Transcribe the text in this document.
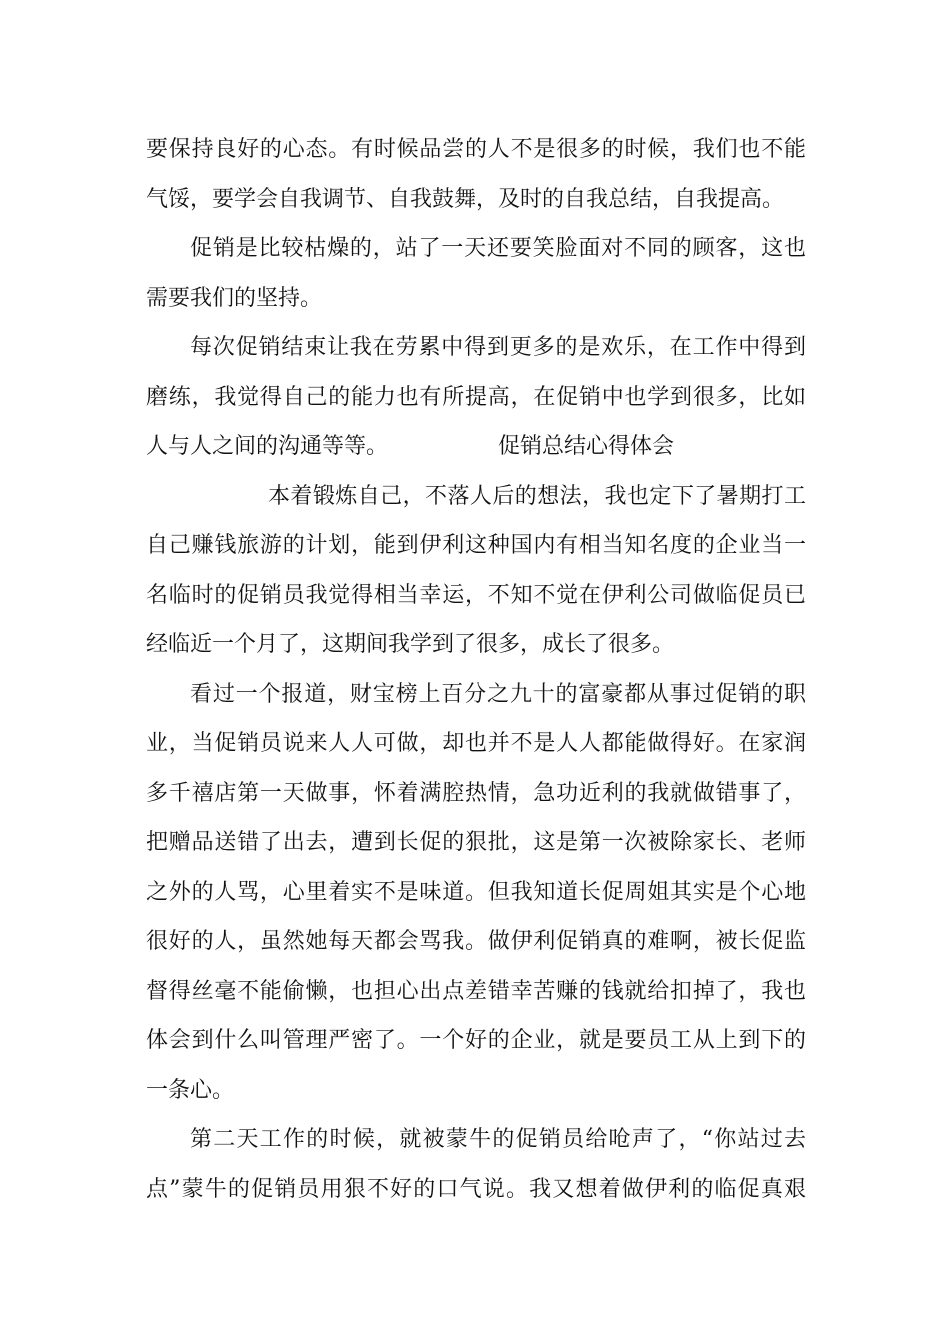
要保持良好的心态。有时候品尝的人不是很多的时候，我们也不能
气馁，要学会自我调节、自我鼓舞，及时的自我总结，自我提高。
促销是比较枯燥的，站了一天还要笑脸面对不同的顾客，这也
需要我们的坚持。
每次促销结束让我在劳累中得到更多的是欢乐，在工作中得到
磨练，我觉得自己的能力也有所提高，在促销中也学到很多，比如
人与人之间的沟通等等。	促销总结心得体会
本着锻炼自己，不落人后的想法，我也定下了暑期打工
自己赚钱旅游的计划，能到伊利这种国内有相当知名度的企业当一
名临时的促销员我觉得相当幸运，不知不觉在伊利公司做临促员已
经临近一个月了，这期间我学到了很多，成长了很多。
看过一个报道，财宝榜上百分之九十的富豪都从事过促销的职
业，当促销员说来人人可做，却也并不是人人都能做得好。在家润
多千禧店第一天做事，怀着满腔热情，急功近利的我就做错事了，
把赠品送错了出去，遭到长促的狠批，这是第一次被除家长、老师
之外的人骂，心里着实不是味道。但我知道长促周姐其实是个心地
很好的人，虽然她每天都会骂我。做伊利促销真的难啊，被长促监
督得丝毫不能偷懒，也担心出点差错幸苦赚的钱就给扣掉了，我也
体会到什么叫管理严密了。一个好的企业，就是要员工从上到下的
一条心。
第二天工作的时候，就被蒙牛的促销员给呛声了，“你站过去
点”蒙牛的促销员用狠不好的口气说。我又想着做伊利的临促真艰
